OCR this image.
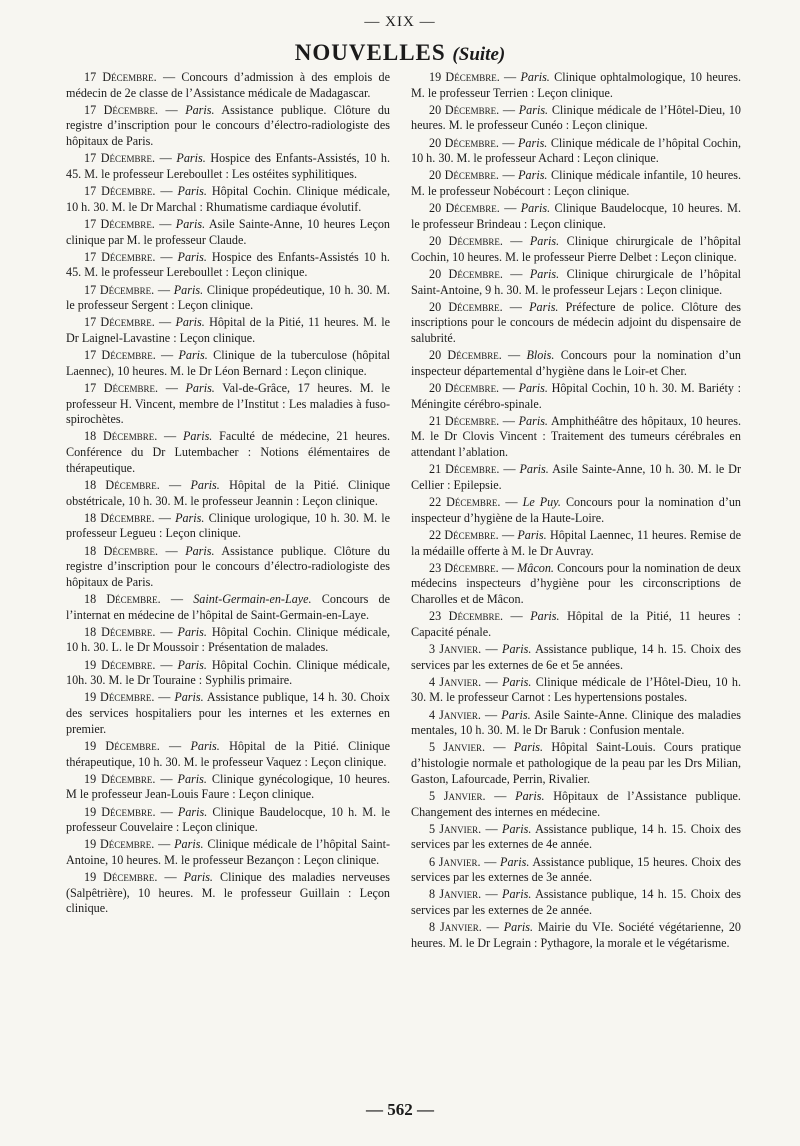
— XIX —
NOUVELLES (Suite)

17 Décembre. — Concours d’admission à des emplois de médecin de 2e classe de l’Assistance médicale de Madagascar.

17 Décembre. — Paris. Assistance publique. Clôture du registre d’inscription pour le concours d’électro-radiologiste des hôpitaux de Paris.

17 Décembre. — Paris. Hospice des Enfants-Assistés, 10 h. 45. M. le professeur Lereboullet : Les ostéites syphilitiques.

17 Décembre. — Paris. Hôpital Cochin. Clinique médicale, 10 h. 30. M. le Dr Marchal : Rhumatisme cardiaque évolutif.

17 Décembre. — Paris. Asile Sainte-Anne, 10 heures Leçon clinique par M. le professeur Claude.

17 Décembre. — Paris. Hospice des Enfants-Assistés 10 h. 45. M. le professeur Lereboullet : Leçon clinique.

17 Décembre. — Paris. Clinique propédeutique, 10 h. 30. M. le professeur Sergent : Leçon clinique.

17 Décembre. — Paris. Hôpital de la Pitié, 11 heures. M. le Dr Laignel-Lavastine : Leçon clinique.

17 Décembre. — Paris. Clinique de la tuberculose (hôpital Laennec), 10 heures. M. le Dr Léon Bernard : Leçon clinique.

17 Décembre. — Paris. Val-de-Grâce, 17 heures. M. le professeur H. Vincent, membre de l’Institut : Les maladies à fuso-spirochètes.

18 Décembre. — Paris. Faculté de médecine, 21 heures. Conférence du Dr Lutembacher : Notions élémentaires de thérapeutique.

18 Décembre. — Paris. Hôpital de la Pitié. Clinique obstétricale, 10 h. 30. M. le professeur Jeannin : Leçon clinique.

18 Décembre. — Paris. Clinique urologique, 10 h. 30. M. le professeur Legueu : Leçon clinique.

18 Décembre. — Paris. Assistance publique. Clôture du registre d’inscription pour le concours d’électro-radiologiste des hôpitaux de Paris.

18 Décembre. — Saint-Germain-en-Laye. Concours de l’internat en médecine de l’hôpital de Saint-Germain-en-Laye.

18 Décembre. — Paris. Hôpital Cochin. Clinique médicale, 10 h. 30. L. le Dr Moussoir : Présentation de malades.

19 Décembre. — Paris. Hôpital Cochin. Clinique médicale, 10h. 30. M. le Dr Touraine : Syphilis primaire.

19 Décembre. — Paris. Assistance publique, 14 h. 30. Choix des services hospitaliers pour les internes et les externes en premier.

19 Décembre. — Paris. Hôpital de la Pitié. Clinique thérapeutique, 10 h. 30. M. le professeur Vaquez : Leçon clinique.

19 Décembre. — Paris. Clinique gynécologique, 10 heures. M le professeur Jean-Louis Faure : Leçon clinique.

19 Décembre. — Paris. Clinique Baudelocque, 10 h. M. le professeur Couvelaire : Leçon clinique.

19 Décembre. — Paris. Clinique médicale de l’hôpital Saint-Antoine, 10 heures. M. le professeur Bezançon : Leçon clinique.

19 Décembre. — Paris. Clinique des maladies nerveuses (Salpêtrière), 10 heures. M. le professeur Guillain : Leçon clinique.

19 Décembre. — Paris. Clinique ophtalmologique, 10 heures. M. le professeur Terrien : Leçon clinique.

20 Décembre. — Paris. Clinique médicale de l’Hôtel-Dieu, 10 heures. M. le professeur Cunéo : Leçon clinique.

20 Décembre. — Paris. Clinique médicale de l’hôpital Cochin, 10 h. 30. M. le professeur Achard : Leçon clinique.

20 Décembre. — Paris. Clinique médicale infantile, 10 heures. M. le professeur Nobécourt : Leçon clinique.

20 Décembre. — Paris. Clinique Baudelocque, 10 heures. M. le professeur Brindeau : Leçon clinique.

20 Décembre. — Paris. Clinique chirurgicale de l’hôpital Cochin, 10 heures. M. le professeur Pierre Delbet : Leçon clinique.

20 Décembre. — Paris. Clinique chirurgicale de l’hôpital Saint-Antoine, 9 h. 30. M. le professeur Lejars : Leçon clinique.

20 Décembre. — Paris. Préfecture de police. Clôture des inscriptions pour le concours de médecin adjoint du dispensaire de salubrité.

20 Décembre. — Blois. Concours pour la nomination d’un inspecteur départemental d’hygiène dans le Loir-et Cher.

20 Décembre. — Paris. Hôpital Cochin, 10 h. 30. M. Bariéty : Méningite cérébro-spinale.

21 Décembre. — Paris. Amphithéâtre des hôpitaux, 10 heures. M. le Dr Clovis Vincent : Traitement des tumeurs cérébrales en attendant l’ablation.

21 Décembre. — Paris. Asile Sainte-Anne, 10 h. 30. M. le Dr Cellier : Epilepsie.

22 Décembre. — Le Puy. Concours pour la nomination d’un inspecteur d’hygiène de la Haute-Loire.

22 Décembre. — Paris. Hôpital Laennec, 11 heures. Remise de la médaille offerte à M. le Dr Auvray.

23 Décembre. — Mâcon. Concours pour la nomination de deux médecins inspecteurs d’hygiène pour les circonscriptions de Charolles et de Mâcon.

23 Décembre. — Paris. Hôpital de la Pitié, 11 heures : Capacité pénale.

3 Janvier. — Paris. Assistance publique, 14 h. 15. Choix des services par les externes de 6e et 5e années.

4 Janvier. — Paris. Clinique médicale de l’Hôtel-Dieu, 10 h. 30. M. le professeur Carnot : Les hypertensions postales.

4 Janvier. — Paris. Asile Sainte-Anne. Clinique des maladies mentales, 10 h. 30. M. le Dr Baruk : Confusion mentale.

5 Janvier. — Paris. Hôpital Saint-Louis. Cours pratique d’histologie normale et pathologique de la peau par les Drs Milian, Gaston, Lafourcade, Perrin, Rivalier.

5 Janvier. — Paris. Hôpitaux de l’Assistance publique. Changement des internes en médecine.

5 Janvier. — Paris. Assistance publique, 14 h. 15. Choix des services par les externes de 4e année.

6 Janvier. — Paris. Assistance publique, 15 heures. Choix des services par les externes de 3e année.

8 Janvier. — Paris. Assistance publique, 14 h. 15. Choix des services par les externes de 2e année.

8 Janvier. — Paris. Mairie du VIe. Société végétarienne, 20 heures. M. le Dr Legrain : Pythagore, la morale et le végétarisme.

— 562 —
